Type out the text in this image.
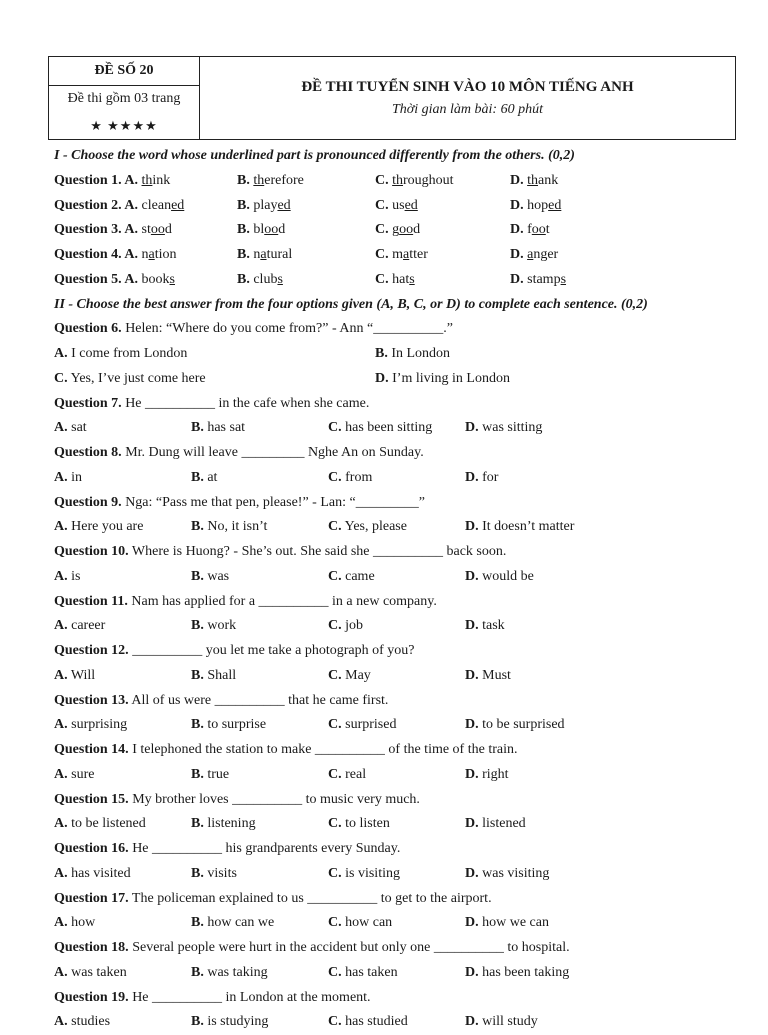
ĐỀ SỐ 20
Đề thi gồm 03 trang
★ ★★★★
ĐỀ THI TUYỂN SINH VÀO 10 MÔN TIẾNG ANH
Thời gian làm bài: 60 phút
I - Choose the word whose underlined part is pronounced differently from the others. (0,2)
Question 1. A. think	B. therefore	C. throughout	D. thank
Question 2. A. cleaned	B. played	C. used	D. hoped
Question 3. A. stood	B. blood	C. good	D. foot
Question 4. A. nation	B. natural	C. matter	D. anger
Question 5. A. books	B. clubs	C. hats	D. stamps
II - Choose the best answer from the four options given (A, B, C, or D) to complete each sentence. (0,2)
Question 6. Helen: “Where do you come from?” - Ann “__________.”
A. I come from London	B. In London
C. Yes, I’ve just come here	D. I’m living in London
Question 7. He __________ in the cafe when she came.
A. sat	B. has sat	C. has been sitting D. was sitting
Question 8. Mr. Dung will leave _________ Nghe An on Sunday.
A. in	B. at	C. from	D. for
Question 9. Nga: “Pass me that pen, please!” - Lan: “_________”
A. Here you are	B. No, it isn’t	C. Yes, please	D. It doesn’t matter
Question 10. Where is Huong? - She’s out. She said she __________ back soon.
A. is	B. was	C. came	D. would be
Question 11. Nam has applied for a __________ in a new company.
A. career	B. work	C. job	D. task
Question 12. __________ you let me take a photograph of you?
A. Will	B. Shall	C. May	D. Must
Question 13. All of us were __________ that he came first.
A. surprising	B. to surprise	C. surprised	D. to be surprised
Question 14. I telephoned the station to make __________ of the time of the train.
A. sure	B. true	C. real	D. right
Question 15. My brother loves __________ to music very much.
A. to be listened	B. listening	C. to listen	D. listened
Question 16. He __________ his grandparents every Sunday.
A. has visited	B. visits	C. is visiting	D. was visiting
Question 17. The policeman explained to us __________ to get to the airport.
A. how	B. how can we	C. how can	D. how we can
Question 18. Several people were hurt in the accident but only one __________ to hospital.
A. was taken	B. was taking	C. has taken	D. has been taking
Question 19. He __________ in London at the moment.
A. studies	B. is studying	C. has studied	D. will study
